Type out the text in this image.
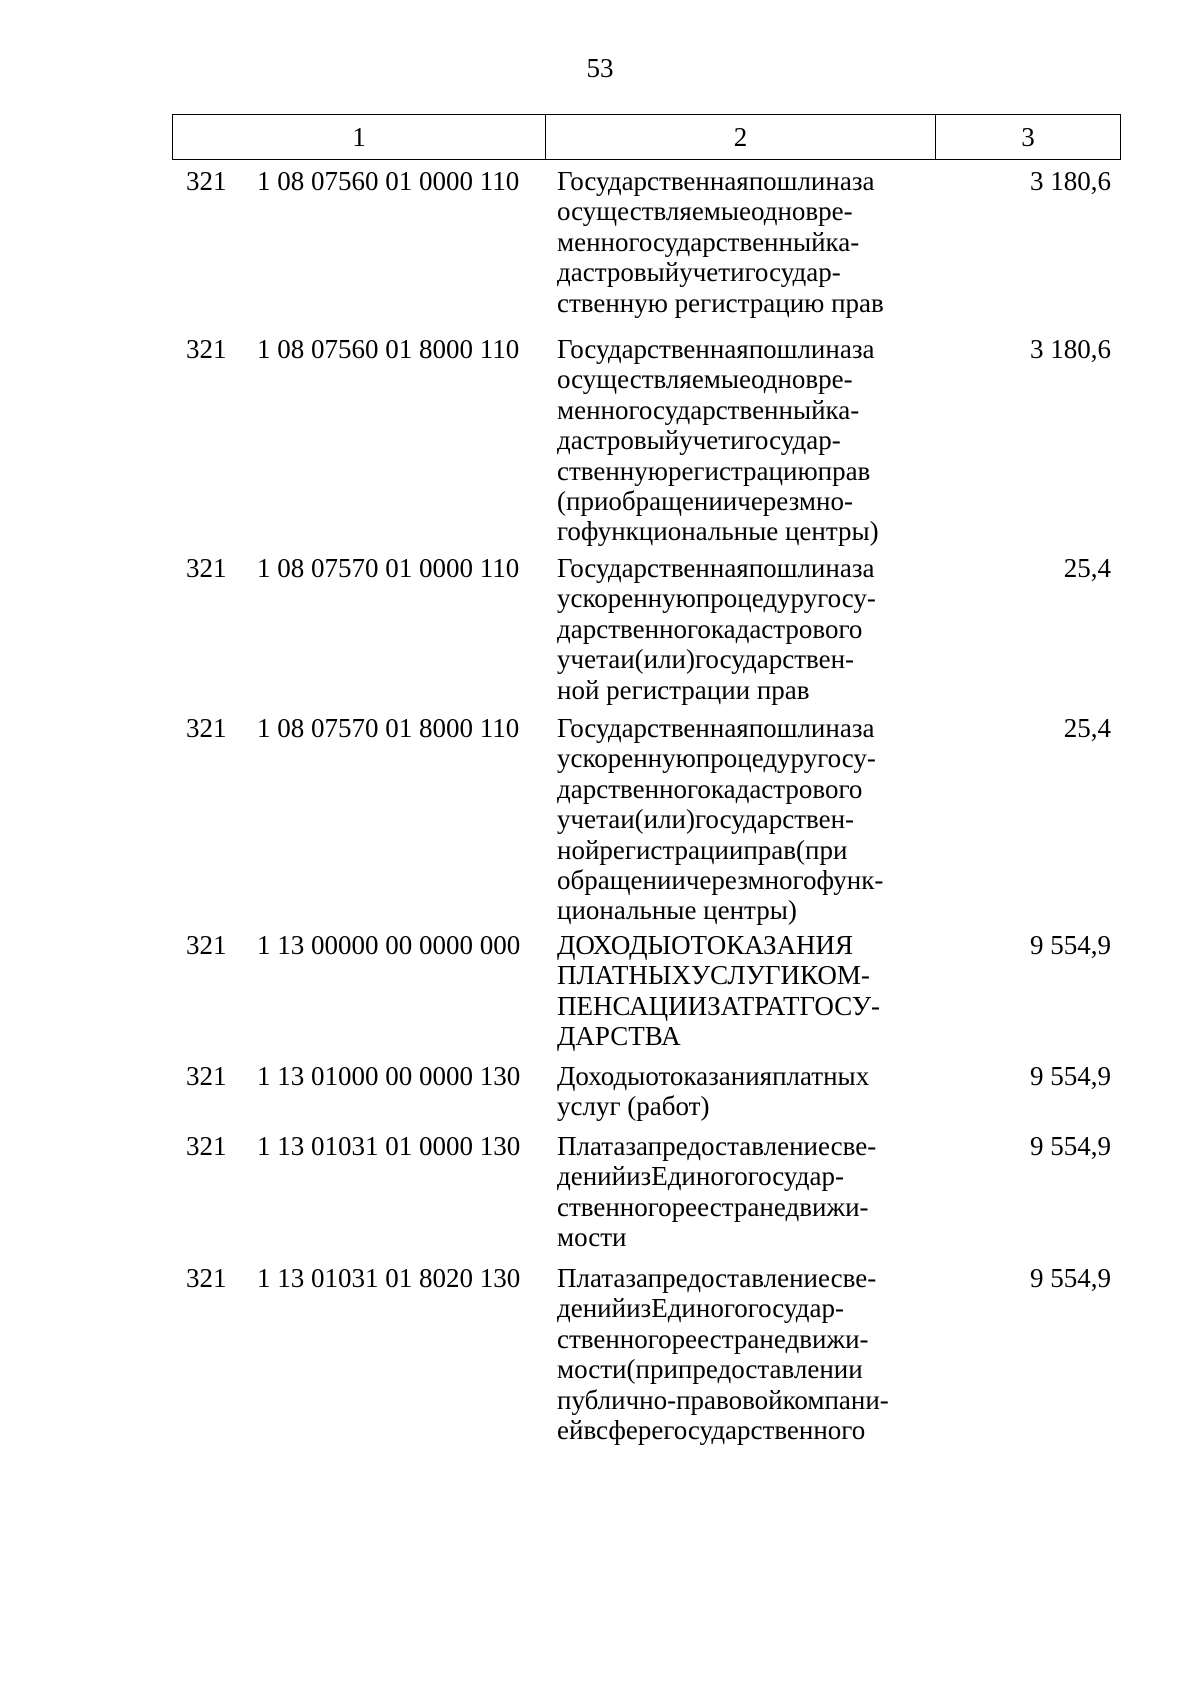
53
1	2	3
321	1 08 07560 01 0000 110	Государственнаяпошлиназа
осуществляемыеодновре-
менногосударственныйка-
дастровыйучетигосудар-
ственную регистрацию прав
3 180,6
321	1 08 07560 01 8000 110	Государственнаяпошлиназа
осуществляемыеодновре-
менногосударственныйка-
дастровыйучетигосудар-
ственнуюрегистрациюправ
(приобращениичерезмно-
гофункциональные центры)
3 180,6
321	1 08 07570 01 0000 110	Государственнаяпошлиназа
ускореннуюпроцедуругосу-
дарственногокадастрового
учетаи(или)государствен-
ной регистрации прав
25,4
321	1 08 07570 01 8000 110	Государственнаяпошлиназа
ускореннуюпроцедуругосу-
дарственногокадастрового
учетаи(или)государствен-
нойрегистрацииправ(при
обращениичерезмногофунк-
циональные центры)
25,4
321	1 13 00000 00 0000 000	ДОХОДЫОТОКАЗАНИЯ
ПЛАТНЫХУСЛУГИКОМ-
ПЕНСАЦИИЗАТРАТГОСУ-
ДАРСТВА
9 554,9
321	1 13 01000 00 0000 130	Доходыотоказанияплатных
услуг (работ)
9 554,9
321	1 13 01031 01 0000 130	Платазапредоставлениесве-
денийизЕдиногогосудар-
ственногореестранедвижи-
мости
9 554,9
321	1 13 01031 01 8020 130	Платазапредоставлениесве-
денийизЕдиногогосудар-
ственногореестранедвижи-
мости(припредоставлении
публично-правовойкомпани-
ейвсферегосударственного
9 554,9
